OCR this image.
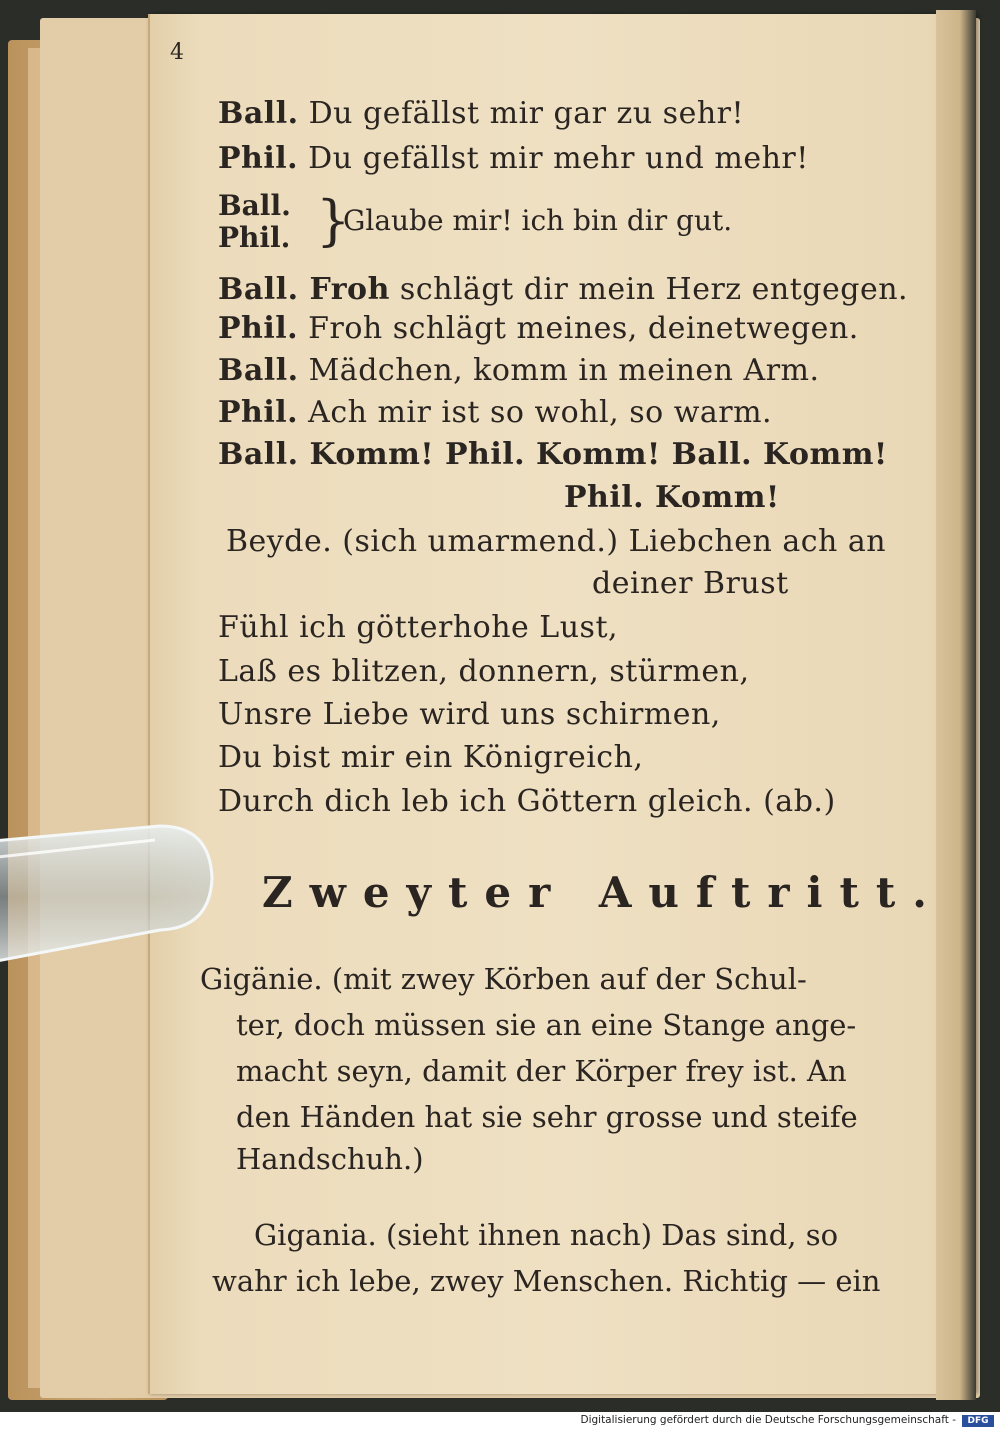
4
Ball. Du gefällst mir gar zu sehr!
Phil. Du gefällst mir mehr und mehr!
Ball.
Phil. }
Glaube mir! ich bin dir gut.
Ball. Froh schlägt dir mein Herz entgegen.
Phil. Froh schlägt meines, deinetwegen.
Ball. Mädchen, komm in meinen Arm.
Phil. Ach mir ist so wohl, so warm.
Ball. Komm! Phil. Komm! Ball. Komm!
Phil. Komm!
Beyde. (sich umarmend.) Liebchen ach an
deiner Brust
Fühl ich götterhohe Lust,
Laß es blitzen, donnern, stürmen,
Unsre Liebe wird uns schirmen,
Du bist mir ein Königreich,
Durch dich leb ich Göttern gleich. (ab.)
Zweyter Auftritt.
Gigänie. (mit zwey Körben auf der Schul-
ter, doch müssen sie an eine Stange ange-
macht seyn, damit der Körper frey ist. An
den Händen hat sie sehr grosse und steife
Handschuh.)
Gigania. (sieht ihnen nach) Das sind, so
wahr ich lebe, zwey Menschen. Richtig — ein
Digitalisierung gefördert durch die Deutsche Forschungsgemeinschaft -	DFG
